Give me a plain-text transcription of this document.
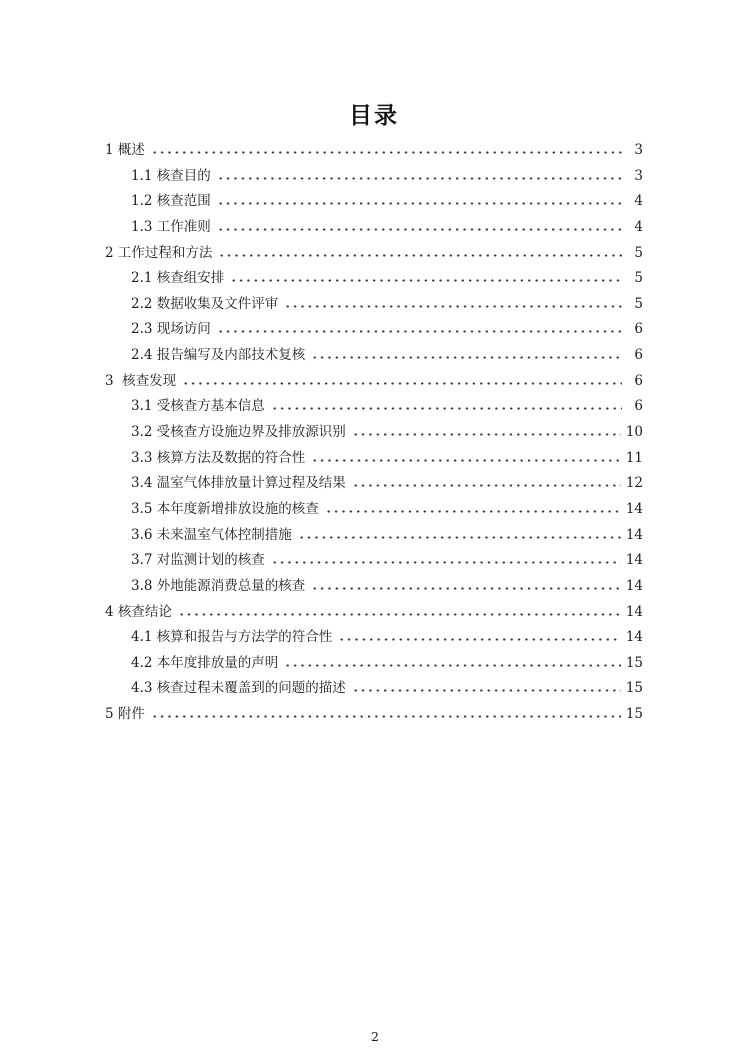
目录
1 概述	3
1.1 核查目的	3
1.2 核查范围	4
1.3 工作准则	4
2 工作过程和方法	5
2.1 核查组安排	5
2.2 数据收集及文件评审	5
2.3 现场访问	6
2.4 报告编写及内部技术复核	6
3  核查发现	6
3.1 受核查方基本信息	6
3.2 受核查方设施边界及排放源识别	10
3.3 核算方法及数据的符合性	11
3.4 温室气体排放量计算过程及结果	12
3.5 本年度新增排放设施的核查	14
3.6 未来温室气体控制措施	14
3.7 对监测计划的核查	14
3.8 外地能源消费总量的核查	14
4 核查结论	14
4.1 核算和报告与方法学的符合性	14
4.2 本年度排放量的声明	15
4.3 核查过程未覆盖到的问题的描述	15
5 附件	15
2
